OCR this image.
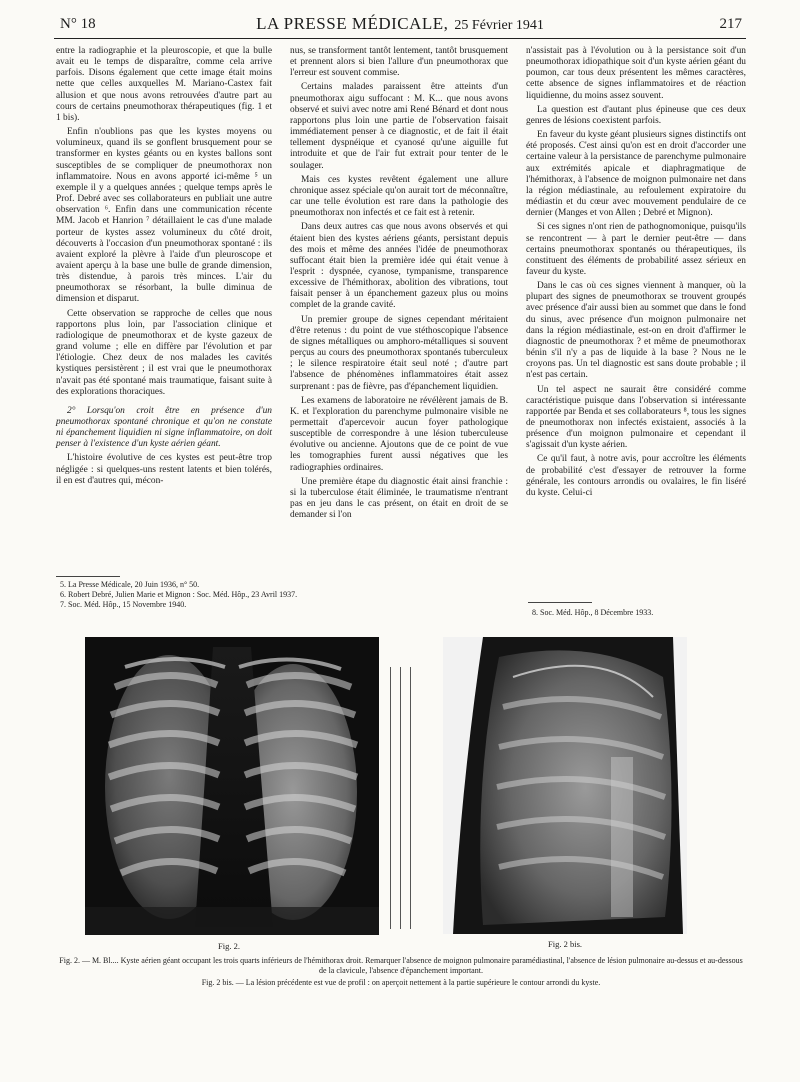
N° 18	LA PRESSE MÉDICALE, 25 Février 1941	217

entre la radiographie et la pleuroscopie, et que la bulle avait eu le temps de disparaître, comme cela arrive parfois. Disons également que cette image était moins nette que celles auxquelles M. Mariano-Castex fait allusion et que nous avons retrouvées d'autre part au cours de certains pneumothorax thérapeutiques (fig. 1 et 1 bis).

Enfin n'oublions pas que les kystes moyens ou volumineux, quand ils se gonflent brusquement pour se transformer en kystes géants ou en kystes ballons sont susceptibles de se compliquer de pneumothorax non inflammatoire. Nous en avons apporté ici-même ⁵ un exemple il y a quelques années ; quelque temps après le Prof. Debré avec ses collaborateurs en publiait une autre observation ⁶. Enfin dans une communication récente MM. Jacob et Hanrion ⁷ détaillaient le cas d'une malade porteur de kystes assez volumineux du côté droit, découverts à l'occasion d'un pneumothorax spontané : ils avaient exploré la plèvre à l'aide d'un pleuroscope et avaient aperçu à la base une bulle de grande dimension, très distendue, à parois très minces. L'air du pneumothorax se résorbant, la bulle diminua de dimension et disparut.

Cette observation se rapproche de celles que nous rapportons plus loin, par l'association clinique et radiologique de pneumothorax et de kyste gazeux de grand volume ; elle en diffère par l'évolution et par l'étiologie. Chez deux de nos malades les cavités kystiques persistèrent ; il est vrai que le pneumothorax n'avait pas été spontané mais traumatique, faisant suite à des explorations thoraciques.

2° Lorsqu'on croit être en présence d'un pneumothorax spontané chronique et qu'on ne constate ni épanchement liquidien ni signe inflammatoire, on doit penser à l'existence d'un kyste aérien géant.

L'histoire évolutive de ces kystes est peut-être trop négligée : si quelques-uns restent latents et bien tolérés, il en est d'autres qui, mécon-

5. La Presse Médicale, 20 Juin 1936, n° 50.
6. Robert Debré, Julien Marie et Mignon : Soc. Méd. Hôp., 23 Avril 1937.
7. Soc. Méd. Hôp., 15 Novembre 1940.

nus, se transforment tantôt lentement, tantôt brusquement et prennent alors si bien l'allure d'un pneumothorax que l'erreur est souvent commise.

Certains malades paraissent être atteints d'un pneumothorax aigu suffocant : M. K... que nous avons observé et suivi avec notre ami René Bénard et dont nous rapportons plus loin une partie de l'observation faisait immédiatement penser à ce diagnostic, et de fait il était tellement dyspnéique et cyanosé qu'une aiguille fut introduite et que de l'air fut extrait pour tenter de le soulager.

Mais ces kystes revêtent également une allure chronique assez spéciale qu'on aurait tort de méconnaître, car une telle évolution est rare dans la pathologie des pneumothorax non infectés et ce fait est à retenir.

Dans deux autres cas que nous avons observés et qui étaient bien des kystes aériens géants, persistant depuis des mois et même des années l'idée de pneumothorax suffocant était bien la première idée qui était venue à l'esprit : dyspnée, cyanose, tympanisme, transparence excessive de l'hémithorax, abolition des vibrations, tout faisait penser à un épanchement gazeux plus ou moins complet de la grande cavité.

Un premier groupe de signes cependant méritaient d'être retenus : du point de vue stéthoscopique l'absence de signes métalliques ou amphoro-métalliques si souvent perçus au cours des pneumothorax spontanés tuberculeux ; le silence respiratoire était seul noté ; d'autre part l'absence de phénomènes inflammatoires était assez surprenant : pas de fièvre, pas d'épanchement liquidien.

Les examens de laboratoire ne révélèrent jamais de B. K. et l'exploration du parenchyme pulmonaire visible ne permettait d'apercevoir aucun foyer pathologique susceptible de correspondre à une lésion tuberculeuse évolutive ou ancienne. Ajoutons que de ce point de vue les tomographies furent aussi négatives que les radiographies ordinaires.

Une première étape du diagnostic était ainsi franchie : si la tuberculose était éliminée, le traumatisme n'entrant pas en jeu dans le cas présent, on était en droit de se demander si l'on

n'assistait pas à l'évolution ou à la persistance soit d'un pneumothorax idiopathique soit d'un kyste aérien géant du poumon, car tous deux présentent les mêmes caractères, cette absence de signes inflammatoires et de réaction liquidienne, du moins assez souvent.

La question est d'autant plus épineuse que ces deux genres de lésions coexistent parfois.

En faveur du kyste géant plusieurs signes distinctifs ont été proposés. C'est ainsi qu'on est en droit d'accorder une certaine valeur à la persistance de parenchyme pulmonaire aux extrémités apicale et diaphragmatique de l'hémithorax, à l'absence de moignon pulmonaire net dans la région médiastinale, au refoulement expiratoire du médiastin et du cœur avec mouvement pendulaire de ce dernier (Manges et von Allen ; Debré et Mignon).

Si ces signes n'ont rien de pathognomonique, puisqu'ils se rencontrent — à part le dernier peut-être — dans certains pneumothorax spontanés ou thérapeutiques, ils constituent des éléments de probabilité assez sérieux en faveur du kyste.

Dans le cas où ces signes viennent à manquer, où la plupart des signes de pneumothorax se trouvent groupés avec présence d'air aussi bien au sommet que dans le fond du sinus, avec présence d'un moignon pulmonaire net dans la région médiastinale, est-on en droit d'affirmer le diagnostic de pneumothorax ? et même de pneumothorax bénin s'il n'y a pas de liquide à la base ? Nous ne le croyons pas. Un tel diagnostic est sans doute probable ; il n'est pas certain.

Un tel aspect ne saurait être considéré comme caractéristique puisque dans l'observation si intéressante rapportée par Benda et ses collaborateurs ⁸, tous les signes de pneumothorax non infectés existaient, associés à la présence d'un moignon pulmonaire et cependant il s'agissait d'un kyste aérien.

Ce qu'il faut, à notre avis, pour accroître les éléments de probabilité c'est d'essayer de retrouver la forme générale, les contours arrondis ou ovalaires, le fin liséré du kyste. Celui-ci

8. Soc. Méd. Hôp., 8 Décembre 1933.
Fig. 2.	Fig. 2 bis.
Fig. 2. — M. Bl.... Kyste aérien géant occupant les trois quarts inférieurs de l'hémithorax droit. Remarquer l'absence de moignon pulmonaire paramédiastinal, l'absence de lésion pulmonaire au-dessus et au-dessous de la clavicule, l'absence d'épanchement important.
Fig. 2 bis. — La lésion précédente est vue de profil : on aperçoit nettement à la partie supérieure le contour arrondi du kyste.
